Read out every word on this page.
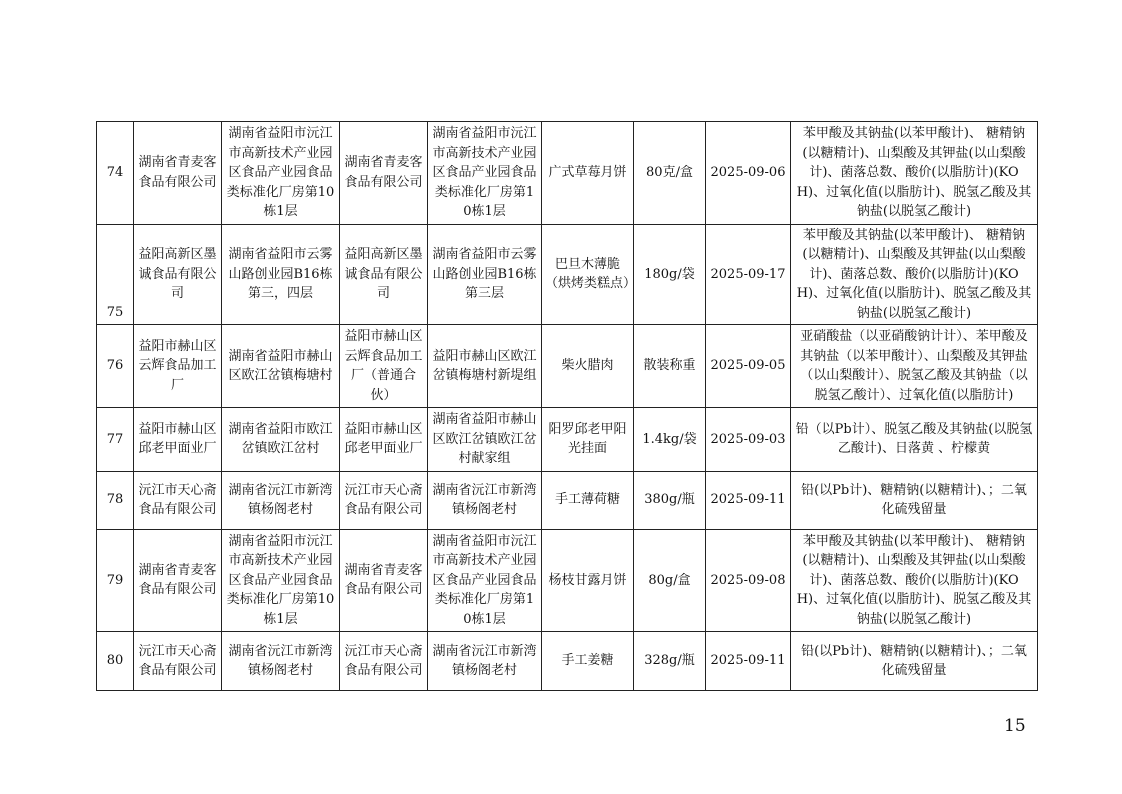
74	湖南省青麦客食品有限公司	湖南省益阳市沅江市高新技术产业园区食品产业园食品类标准化厂房第10栋1层	湖南省青麦客食品有限公司	湖南省益阳市沅江市高新技术产业园区食品产业园食品类标准化厂房第10栋1层	广式草莓月饼	80克/盒	2025-09-06	苯甲酸及其钠盐(以苯甲酸计)、 糖精钠(以糖精计)、山梨酸及其钾盐(以山梨酸计)、菌落总数、酸价(以脂肪计)(KOH)、过氧化值(以脂肪计)、脱氢乙酸及其钠盐(以脱氢乙酸计)
75	益阳高新区墨诚食品有限公司	湖南省益阳市云雾山路创业园B16栋第三，四层	益阳高新区墨诚食品有限公司	湖南省益阳市云雾山路创业园B16栋第三层	巴旦木薄脆（烘烤类糕点）	180g/袋	2025-09-17	苯甲酸及其钠盐(以苯甲酸计)、 糖精钠(以糖精计)、山梨酸及其钾盐(以山梨酸计)、菌落总数、酸价(以脂肪计)(KOH)、过氧化值(以脂肪计)、脱氢乙酸及其钠盐(以脱氢乙酸计)
76	益阳市赫山区云辉食品加工厂	湖南省益阳市赫山区欧江岔镇梅塘村	益阳市赫山区云辉食品加工厂（普通合伙）	益阳市赫山区欧江岔镇梅塘村新堤组	柴火腊肉	散装称重	2025-09-05	亚硝酸盐（以亚硝酸钠计计）、苯甲酸及其钠盐（以苯甲酸计）、山梨酸及其钾盐（以山梨酸计）、脱氢乙酸及其钠盐（以脱氢乙酸计）、过氧化值(以脂肪计)
77	益阳市赫山区邱老甲面业厂	湖南省益阳市欧江岔镇欧江岔村	益阳市赫山区邱老甲面业厂	湖南省益阳市赫山区欧江岔镇欧江岔村献家组	阳罗邱老甲阳光挂面	1.4kg/袋	2025-09-03	铅（以Pb计）、脱氢乙酸及其钠盐(以脱氢乙酸计)、日落黄 、柠檬黄
78	沅江市天心斋食品有限公司	湖南省沅江市新湾镇杨阁老村	沅江市天心斋食品有限公司	湖南省沅江市新湾镇杨阁老村	手工薄荷糖	380g/瓶	2025-09-11	铅(以Pb计)、糖精钠(以糖精计)、；二氧化硫残留量
79	湖南省青麦客食品有限公司	湖南省益阳市沅江市高新技术产业园区食品产业园食品类标准化厂房第10栋1层	湖南省青麦客食品有限公司	湖南省益阳市沅江市高新技术产业园区食品产业园食品类标准化厂房第10栋1层	杨枝甘露月饼	80g/盒	2025-09-08	苯甲酸及其钠盐(以苯甲酸计)、 糖精钠(以糖精计)、山梨酸及其钾盐(以山梨酸计)、菌落总数、酸价(以脂肪计)(KOH)、过氧化值(以脂肪计)、脱氢乙酸及其钠盐(以脱氢乙酸计)
80	沅江市天心斋食品有限公司	湖南省沅江市新湾镇杨阁老村	沅江市天心斋食品有限公司	湖南省沅江市新湾镇杨阁老村	手工姜糖	328g/瓶	2025-09-11	铅(以Pb计)、糖精钠(以糖精计)、；二氧化硫残留量
15
